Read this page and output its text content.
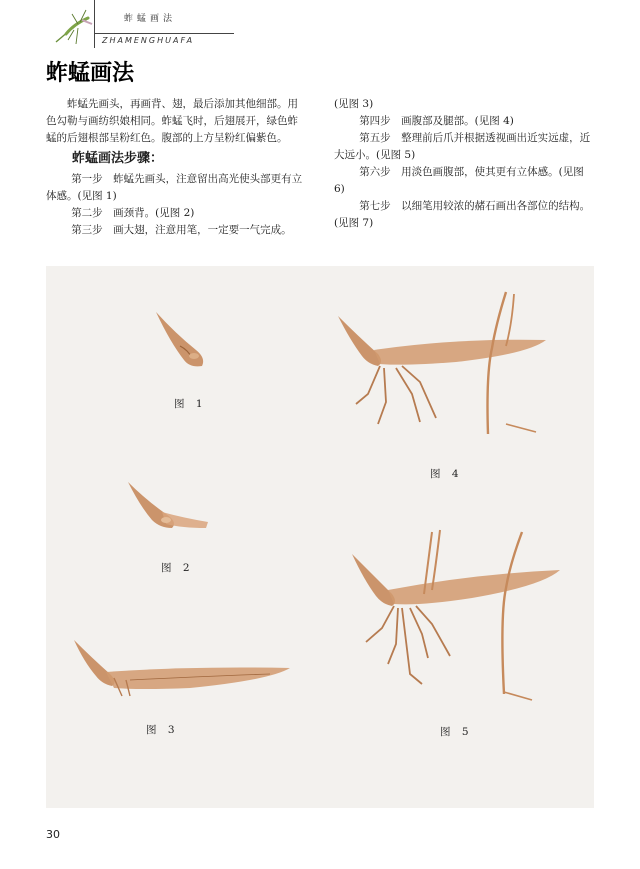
蚱蜢画法
ZHAMENGHUAFA
蚱蜢画法

蚱蜢先画头，再画背、翅，最后添加其他细部。用色勾勒与画纺织娘相同。蚱蜢飞时，后翅展开，绿色蚱蜢的后翅根部呈粉红色。腹部的上方呈粉红偏紫色。

蚱蜢画法步骤：

第一步　蚱蜢先画头，注意留出高光使头部更有立体感。(见图 1)

第二步　画颈背。(见图 2)

第三步　画大翅，注意用笔，一定要一气完成。

(见图 3)

第四步　画腹部及腿部。(见图 4)

第五步　整理前后爪并根据透视画出近实远虚，近大远小。(见图 5)

第六步　用淡色画腹部，使其更有立体感。(见图 6)

第七步　以细笔用较浓的赭石画出各部位的结构。(见图 7)

图 1
图 2
图 3
图 4
图 5
30
